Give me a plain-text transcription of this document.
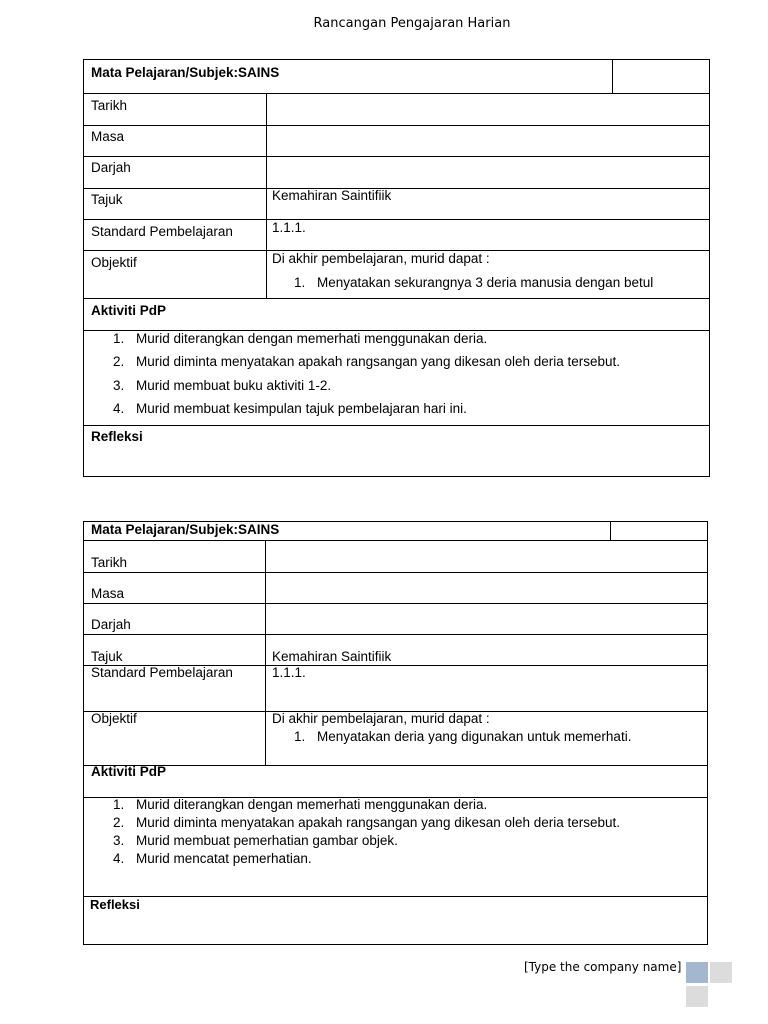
Rancangan Pengajaran Harian
Mata Pelajaran/Subjek:SAINS
Tarikh
Masa
Darjah
Tajuk	Kemahiran Saintifiik
Standard Pembelajaran	1.1.1.
Objektif	Di akhir pembelajaran, murid dapat :
1. Menyatakan sekurangnya 3 deria manusia dengan betul
Aktiviti PdP
1. Murid diterangkan dengan memerhati menggunakan deria.
2. Murid diminta menyatakan apakah rangsangan yang dikesan oleh deria tersebut.
3. Murid membuat buku aktiviti 1-2.
4. Murid membuat kesimpulan tajuk pembelajaran hari ini.
Refleksi
Mata Pelajaran/Subjek:SAINS
Tarikh
Masa
Darjah
Tajuk	Kemahiran Saintifiik
Standard Pembelajaran	1.1.1.
Objektif	Di akhir pembelajaran, murid dapat :
1. Menyatakan deria yang digunakan untuk memerhati.
Aktiviti PdP
1. Murid diterangkan dengan memerhati menggunakan deria.
2. Murid diminta menyatakan apakah rangsangan yang dikesan oleh deria tersebut.
3. Murid membuat pemerhatian gambar objek.
4. Murid mencatat pemerhatian.
Refleksi
[Type the company name]
